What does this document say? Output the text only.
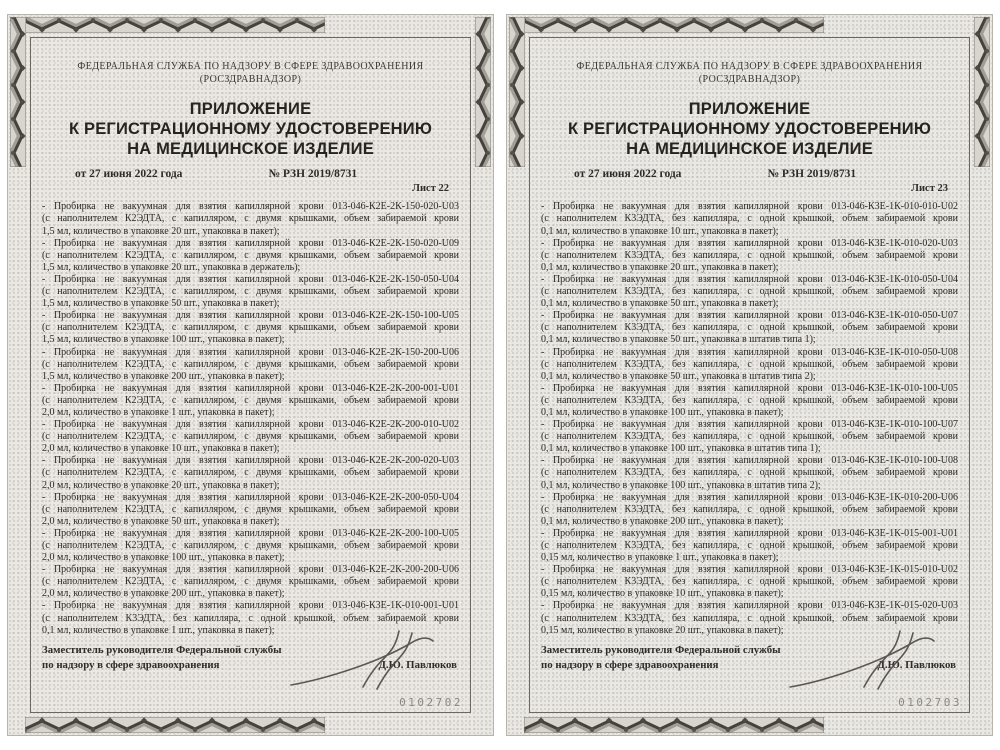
ФЕДЕРАЛЬНАЯ СЛУЖБА ПО НАДЗОРУ В СФЕРЕ ЗДРАВООХРАНЕНИЯ
(РОСЗДРАВНАДЗОР)
ПРИЛОЖЕНИЕ
К РЕГИСТРАЦИОННОМУ УДОСТОВЕРЕНИЮ
НА МЕДИЦИНСКОЕ ИЗДЕЛИЕ
от 27 июня 2022 года	№ РЗН 2019/8731
Лист 22

- Пробирка не вакуумная для взятия капиллярной крови 013-046-К2Е-2К-150-020-U03
(с наполнителем К2ЭДТА, с капилляром, с двумя крышками, объем забираемой крови
1,5 мл, количество в упаковке 20 шт., упаковка в пакет);

- Пробирка не вакуумная для взятия капиллярной крови 013-046-К2Е-2К-150-020-U09
(с наполнителем К2ЭДТА, с капилляром, с двумя крышками, объем забираемой крови
1,5 мл, количество в упаковке 20 шт., упаковка в держатель);

- Пробирка не вакуумная для взятия капиллярной крови 013-046-К2Е-2К-150-050-U04
(с наполнителем К2ЭДТА, с капилляром, с двумя крышками, объем забираемой крови
1,5 мл, количество в упаковке 50 шт., упаковка в пакет);

- Пробирка не вакуумная для взятия капиллярной крови 013-046-К2Е-2К-150-100-U05
(с наполнителем К2ЭДТА, с капилляром, с двумя крышками, объем забираемой крови
1,5 мл, количество в упаковке 100 шт., упаковка в пакет);

- Пробирка не вакуумная для взятия капиллярной крови 013-046-К2Е-2К-150-200-U06
(с наполнителем К2ЭДТА, с капилляром, с двумя крышками, объем забираемой крови
1,5 мл, количество в упаковке 200 шт., упаковка в пакет);

- Пробирка не вакуумная для взятия капиллярной крови 013-046-К2Е-2К-200-001-U01
(с наполнителем К2ЭДТА, с капилляром, с двумя крышками, объем забираемой крови
2,0 мл, количество в упаковке 1 шт., упаковка в пакет);

- Пробирка не вакуумная для взятия капиллярной крови 013-046-К2Е-2К-200-010-U02
(с наполнителем К2ЭДТА, с капилляром, с двумя крышками, объем забираемой крови
2,0 мл, количество в упаковке 10 шт., упаковка в пакет);

- Пробирка не вакуумная для взятия капиллярной крови 013-046-К2Е-2К-200-020-U03
(с наполнителем К2ЭДТА, с капилляром, с двумя крышками, объем забираемой крови
2,0 мл, количество в упаковке 20 шт., упаковка в пакет);

- Пробирка не вакуумная для взятия капиллярной крови 013-046-К2Е-2К-200-050-U04
(с наполнителем К2ЭДТА, с капилляром, с двумя крышками, объем забираемой крови
2,0 мл, количество в упаковке 50 шт., упаковка в пакет);

- Пробирка не вакуумная для взятия капиллярной крови 013-046-К2Е-2К-200-100-U05
(с наполнителем К2ЭДТА, с капилляром, с двумя крышками, объем забираемой крови
2,0 мл, количество в упаковке 100 шт., упаковка в пакет);

- Пробирка не вакуумная для взятия капиллярной крови 013-046-К2Е-2К-200-200-U06
(с наполнителем К2ЭДТА, с капилляром, с двумя крышками, объем забираемой крови
2,0 мл, количество в упаковке 200 шт., упаковка в пакет);

- Пробирка не вакуумная для взятия капиллярной крови 013-046-К3Е-1К-010-001-U01
(с наполнителем К3ЭДТА, без капилляра, с одной крышкой, объем забираемой крови
0,1 мл, количество в упаковке 1 шт., упаковка в пакет);

Заместитель руководителя Федеральной службы
по надзору в сфере здравоохранения	Д.Ю. Павлюков
0102702
ФЕДЕРАЛЬНАЯ СЛУЖБА ПО НАДЗОРУ В СФЕРЕ ЗДРАВООХРАНЕНИЯ
(РОСЗДРАВНАДЗОР)
ПРИЛОЖЕНИЕ
К РЕГИСТРАЦИОННОМУ УДОСТОВЕРЕНИЮ
НА МЕДИЦИНСКОЕ ИЗДЕЛИЕ
от 27 июня 2022 года	№ РЗН 2019/8731
Лист 23

- Пробирка не вакуумная для взятия капиллярной крови 013-046-К3Е-1К-010-010-U02
(с наполнителем К3ЭДТА, без капилляра, с одной крышкой, объем забираемой крови
0,1 мл, количество в упаковке 10 шт., упаковка в пакет);

- Пробирка не вакуумная для взятия капиллярной крови 013-046-К3Е-1К-010-020-U03
(с наполнителем К3ЭДТА, без капилляра, с одной крышкой, объем забираемой крови
0,1 мл, количество в упаковке 20 шт., упаковка в пакет);

- Пробирка не вакуумная для взятия капиллярной крови 013-046-К3Е-1К-010-050-U04
(с наполнителем К3ЭДТА, без капилляра, с одной крышкой, объем забираемой крови
0,1 мл, количество в упаковке 50 шт., упаковка в пакет);

- Пробирка не вакуумная для взятия капиллярной крови 013-046-К3Е-1К-010-050-U07
(с наполнителем К3ЭДТА, без капилляра, с одной крышкой, объем забираемой крови
0,1 мл, количество в упаковке 50 шт., упаковка в штатив типа 1);

- Пробирка не вакуумная для взятия капиллярной крови 013-046-К3Е-1К-010-050-U08
(с наполнителем К3ЭДТА, без капилляра, с одной крышкой, объем забираемой крови
0,1 мл, количество в упаковке 50 шт., упаковка в штатив типа 2);

- Пробирка не вакуумная для взятия капиллярной крови 013-046-К3Е-1К-010-100-U05
(с наполнителем К3ЭДТА, без капилляра, с одной крышкой, объем забираемой крови
0,1 мл, количество в упаковке 100 шт., упаковка в пакет);

- Пробирка не вакуумная для взятия капиллярной крови 013-046-К3Е-1К-010-100-U07
(с наполнителем К3ЭДТА, без капилляра, с одной крышкой, объем забираемой крови
0,1 мл, количество в упаковке 100 шт., упаковка в штатив типа 1);

- Пробирка не вакуумная для взятия капиллярной крови 013-046-К3Е-1К-010-100-U08
(с наполнителем К3ЭДТА, без капилляра, с одной крышкой, объем забираемой крови
0,1 мл, количество в упаковке 100 шт., упаковка в штатив типа 2);

- Пробирка не вакуумная для взятия капиллярной крови 013-046-К3Е-1К-010-200-U06
(с наполнителем К3ЭДТА, без капилляра, с одной крышкой, объем забираемой крови
0,1 мл, количество в упаковке 200 шт., упаковка в пакет);

- Пробирка не вакуумная для взятия капиллярной крови 013-046-К3Е-1К-015-001-U01
(с наполнителем К3ЭДТА, без капилляра, с одной крышкой, объем забираемой крови
0,15 мл, количество в упаковке 1 шт., упаковка в пакет);

- Пробирка не вакуумная для взятия капиллярной крови 013-046-К3Е-1К-015-010-U02
(с наполнителем К3ЭДТА, без капилляра, с одной крышкой, объем забираемой крови
0,15 мл, количество в упаковке 10 шт., упаковка в пакет);

- Пробирка не вакуумная для взятия капиллярной крови 013-046-К3Е-1К-015-020-U03
(с наполнителем К3ЭДТА, без капилляра, с одной крышкой, объем забираемой крови
0,15 мл, количество в упаковке 20 шт., упаковка в пакет);

Заместитель руководителя Федеральной службы
по надзору в сфере здравоохранения	Д.Ю. Павлюков
0102703
